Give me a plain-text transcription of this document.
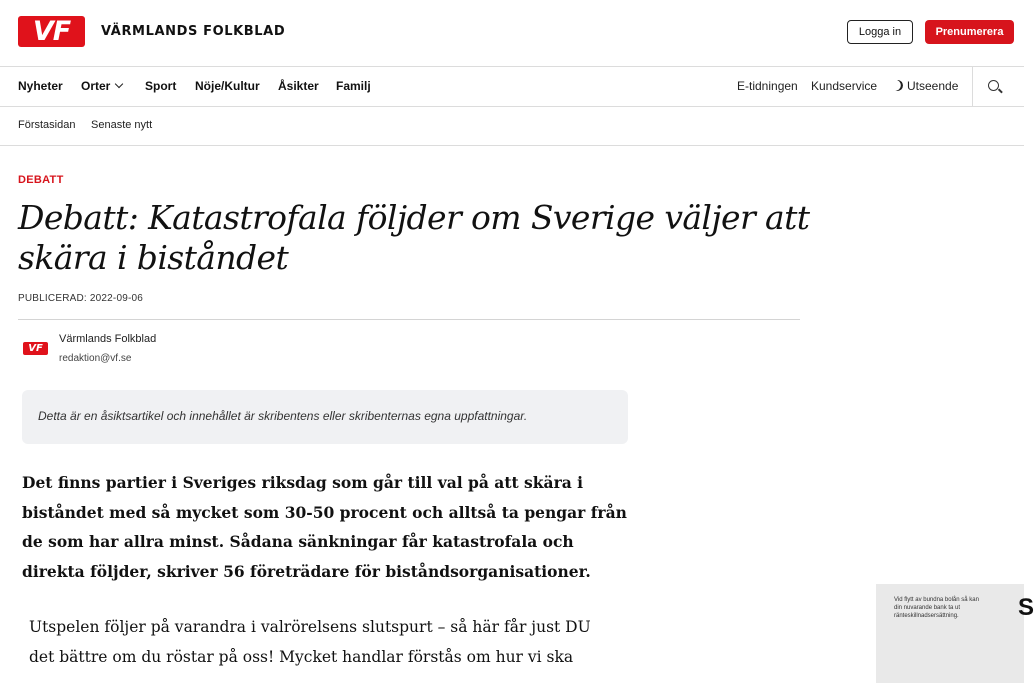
VF	VÄRMLANDS FOLKBLAD	Logga in	Prenumerera
Nyheter Orter	Sport Nöje/Kultur Åsikter Familj	E-tidningen Kundservice	Utseende
Förstasidan Senaste nytt
DEBATT
Debatt: Katastrofala följder om Sverige väljer att
skära i biståndet
PUBLICERAD: 2022-09-06
VF
Värmlands Folkblad
redaktion@vf.se
Detta är en åsiktsartikel och innehållet är skribentens eller skribenternas egna uppfattningar.

Det finns partier i Sveriges riksdag som går till val på att skära i
biståndet med så mycket som 30-50 procent och alltså ta pengar från
de som har allra minst. Sådana sänkningar får katastrofala och
direkta följder, skriver 56 företrädare för biståndsorganisationer.

Utspelen följer på varandra i valrörelsens slutspurt – så här får just DU
det bättre om du röstar på oss! Mycket handlar förstås om hur vi ska

Vid flytt av bundna bolån så kan din nuvarande bank ta ut ränteskillnadsersättning.	S
